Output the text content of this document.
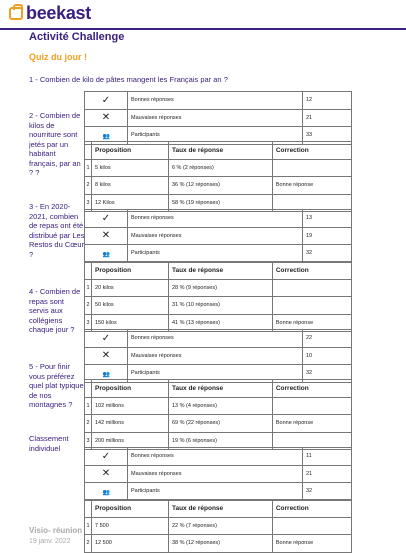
beekast
Activité Challenge
Quiz du jour !
1 - Combien de kilo de pâtes mangent les Français par an ?
✓	Bonnes réponses	12
✕	Mauvaises réponses	21
👥	Participants	33
2 - Combien de kilos de nourriture sont jetés par un habitant français, par an ? ?
	Proposition	Taux de réponse	Correction
1	5 kilos	6 % (2 réponses)	
2	8 kilos	36 % (12 réponses)	Bonne réponse
3	12 Kilos	58 % (19 réponses)	
✓	Bonnes réponses	13
✕	Mauvaises réponses	19
👥	Participants	32
3 - En 2020-2021, combien de repas ont été distribué par Les Restos du Cœur ?
	Proposition	Taux de réponse	Correction
1	20 kilos	28 % (9 réponses)	
2	50 kilos	31 % (10 réponses)	
3	150 kilos	41 % (13 réponses)	Bonne réponse
✓	Bonnes réponses	22
✕	Mauvaises réponses	10
👥	Participants	32
4 - Combien de repas sont servis aux collégiens chaque jour ?
	Proposition	Taux de réponse	Correction
1	102 millions	13 % (4 réponses)	
2	142 millions	69 % (22 réponses)	Bonne réponse
3	200 millions	19 % (6 réponses)	
✓	Bonnes réponses	11
✕	Mauvaises réponses	21
👥	Participants	32
5 - Pour finir vous préférez quel plat typique de nos montagnes ?
Classement individuel
	Proposition	Taux de réponse	Correction
1	7 500	22 % (7 réponses)	
2	12 500	38 % (12 réponses)	Bonne réponse
Visio- réunion
19 janv. 2022
